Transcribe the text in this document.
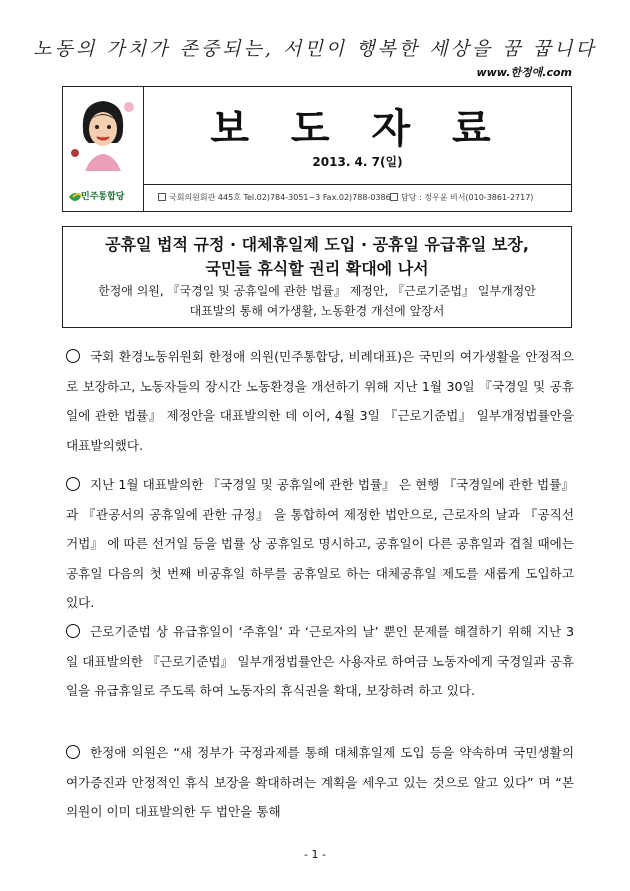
노동의 가치가 존중되는, 서민이 행복한 세상을 꿈 꿉니다
www.한정애.com
민주통합당
보 도 자 료
2013. 4. 7(일)
국회의원회관 445호 Tel.02)784-3051~3 Fax.02)788-0386	담당 : 정우윤 비서(010-3861-2717)
공휴일 법적 규정 · 대체휴일제 도입 · 공휴일 유급휴일 보장,
국민들 휴식할 권리 확대에 나서
한정애 의원, 『국경일 및 공휴일에 관한 법률』 제정안, 『근로기준법』 일부개정안
대표발의 통해 여가생활, 노동환경 개선에 앞장서
국회 환경노동위원회 한정애 의원(민주통합당, 비례대표)은 국민의 여가생활을 안정적으로 보장하고, 노동자들의 장시간 노동환경을 개선하기 위해 지난 1월 30일 『국경일 및 공휴일에 관한 법률』 제정안을 대표발의한 데 이어, 4월 3일 『근로기준법』 일부개정법률안을 대표발의했다.
지난 1월 대표발의한 『국경일 및 공휴일에 관한 법률』 은 현행 『국경일에 관한 법률』 과 『관공서의 공휴일에 관한 규정』 을 통합하여 제정한 법안으로, 근로자의 날과 『공직선거법』 에 따른 선거일 등을 법률 상 공휴일로 명시하고, 공휴일이 다른 공휴일과 겹칠 때에는 공휴일 다음의 첫 번째 비공휴일 하루를 공휴일로 하는 대체공휴일 제도를 새롭게 도입하고 있다.
근로기준법 상 유급휴일이 ‘주휴일’ 과 ‘근로자의 날’ 뿐인 문제를 해결하기 위해 지난 3일 대표발의한 『근로기준법』 일부개정법률안은 사용자로 하여금 노동자에게 국경일과 공휴일을 유급휴일로 주도록 하여 노동자의 휴식권을 확대, 보장하려 하고 있다.
한정애 의원은 “새 정부가 국정과제를 통해 대체휴일제 도입 등을 약속하며 국민생활의 여가증진과 안정적인 휴식 보장을 확대하려는 계획을 세우고 있는 것으로 알고 있다” 며 “본 의원이 이미 대표발의한 두 법안을 통해
- 1 -
